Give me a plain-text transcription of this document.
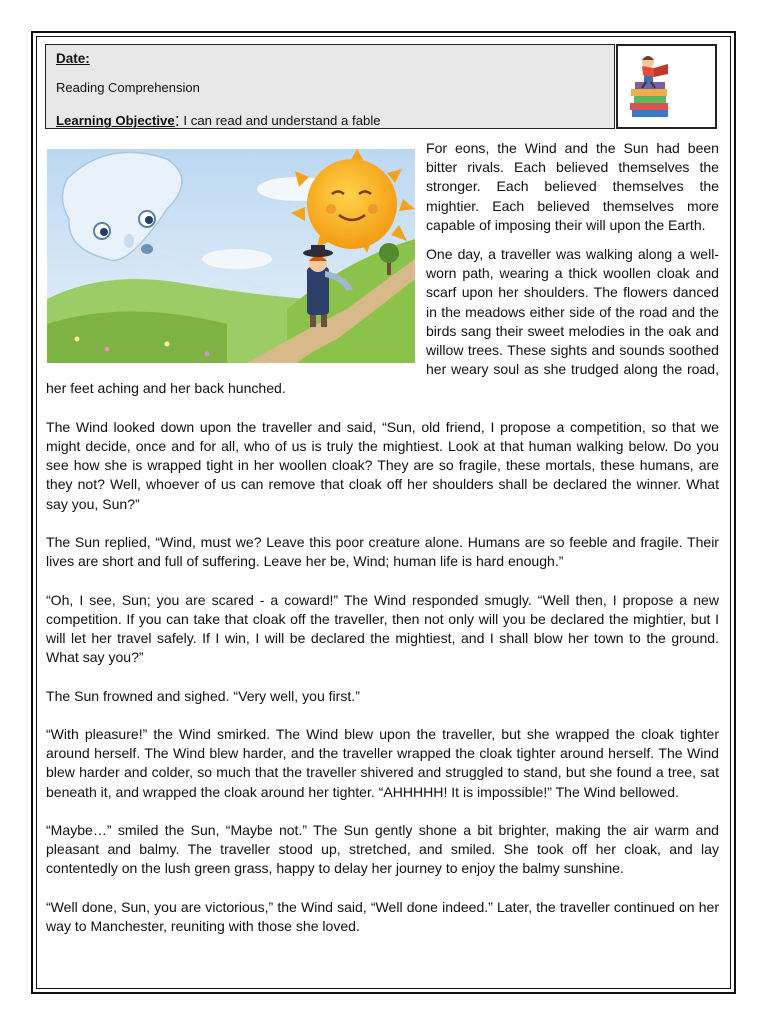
Date:
Reading Comprehension
Learning Objective: I can read and understand a fable

For eons, the Wind and the Sun had been bitter rivals. Each believed themselves the stronger. Each believed themselves the mightier. Each believed themselves more capable of imposing their will upon the Earth.

One day, a traveller was walking along a well-worn path, wearing a thick woollen cloak and scarf upon her shoulders. The flowers danced in the meadows either side of the road and the birds sang their sweet melodies in the oak and willow trees. These sights and sounds soothed her weary soul as she trudged along the road, her feet aching and her back hunched.

The Wind looked down upon the traveller and said, “Sun, old friend, I propose a competition, so that we might decide, once and for all, who of us is truly the mightiest. Look at that human walking below. Do you see how she is wrapped tight in her woollen cloak? They are so fragile, these mortals, these humans, are they not? Well, whoever of us can remove that cloak off her shoulders shall be declared the winner. What say you, Sun?”

The Sun replied, “Wind, must we? Leave this poor creature alone. Humans are so feeble and fragile. Their lives are short and full of suffering. Leave her be, Wind; human life is hard enough.”

“Oh, I see, Sun; you are scared - a coward!” The Wind responded smugly. “Well then, I propose a new competition. If you can take that cloak off the traveller, then not only will you be declared the mightier, but I will let her travel safely. If I win, I will be declared the mightiest, and I shall blow her town to the ground. What say you?”

The Sun frowned and sighed. “Very well, you first.”

“With pleasure!” the Wind smirked. The Wind blew upon the traveller, but she wrapped the cloak tighter around herself. The Wind blew harder, and the traveller wrapped the cloak tighter around herself. The Wind blew harder and colder, so much that the traveller shivered and struggled to stand, but she found a tree, sat beneath it, and wrapped the cloak around her tighter. “AHHHHH! It is impossible!” The Wind bellowed.

“Maybe…” smiled the Sun, “Maybe not.” The Sun gently shone a bit brighter, making the air warm and pleasant and balmy. The traveller stood up, stretched, and smiled. She took off her cloak, and lay contentedly on the lush green grass, happy to delay her journey to enjoy the balmy sunshine.

“Well done, Sun, you are victorious,” the Wind said, “Well done indeed.” Later, the traveller continued on her way to Manchester, reuniting with those she loved.
